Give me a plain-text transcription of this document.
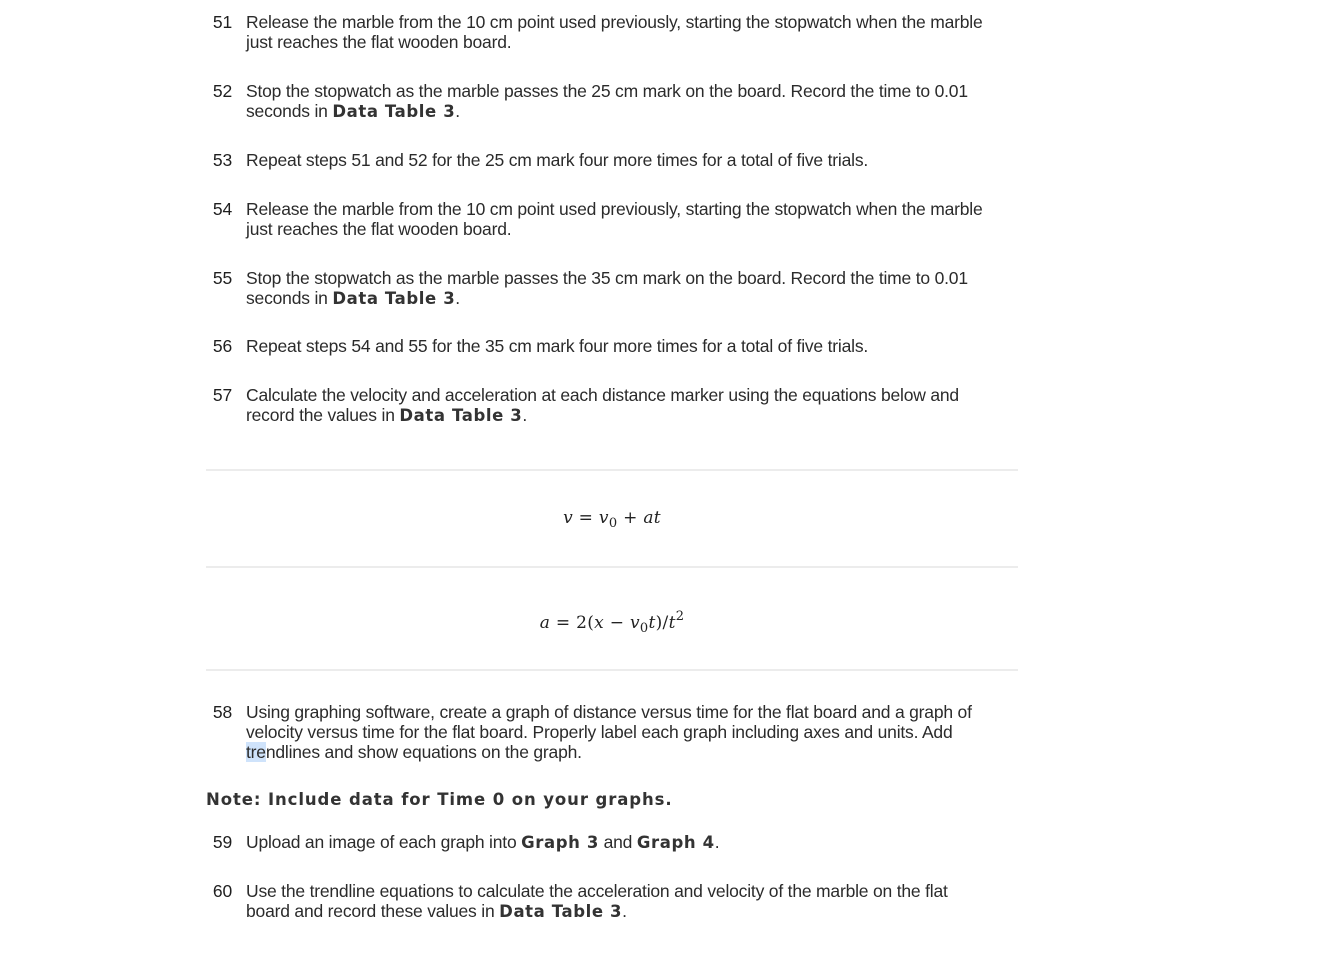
51 Release the marble from the 10 cm point used previously, starting the stopwatch when the marble
just reaches the flat wooden board.
52 Stop the stopwatch as the marble passes the 25 cm mark on the board. Record the time to 0.01
seconds in Data Table 3.
53 Repeat steps 51 and 52 for the 25 cm mark four more times for a total of five trials.
54 Release the marble from the 10 cm point used previously, starting the stopwatch when the marble
just reaches the flat wooden board.
55 Stop the stopwatch as the marble passes the 35 cm mark on the board. Record the time to 0.01
seconds in Data Table 3.
56 Repeat steps 54 and 55 for the 35 cm mark four more times for a total of five trials.
57 Calculate the velocity and acceleration at each distance marker using the equations below and
record the values in Data Table 3.
$v = v_0$ + at
$a = 2(x - v_0t)/t^2$
58 Using graphing software, create a graph of distance versus time for the flat board and a graph of
velocity versus time for the flat board. Properly label each graph including axes and units. Add
trendlines and show equations on the graph.
Note: Include data for Time 0 on your graphs.
59 Upload an image of each graph into Graph 3 and Graph 4.
60 Use the trendline equations to calculate the acceleration and velocity of the marble on the flat
board and record these values in Data Table 3.
